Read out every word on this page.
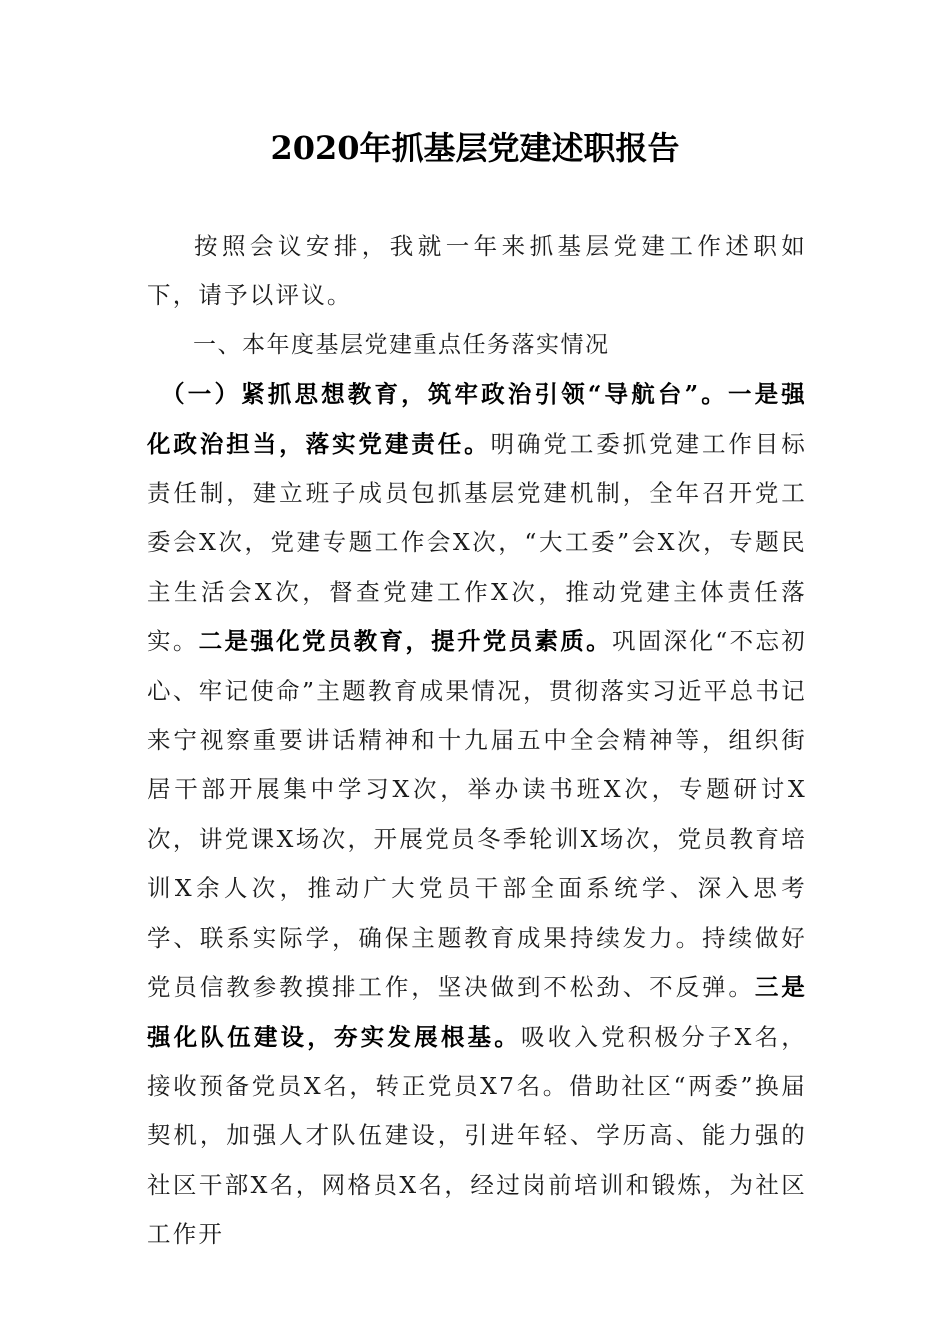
2020年抓基层党建述职报告

按照会议安排，我就一年来抓基层党建工作述职如下，请予以评议。

一、本年度基层党建重点任务落实情况

（一）紧抓思想教育，筑牢政治引领“导航台”。一是强化政治担当，落实党建责任。明确党工委抓党建工作目标责任制，建立班子成员包抓基层党建机制，全年召开党工委会X次，党建专题工作会X次，“大工委”会X次，专题民主生活会X次，督查党建工作X次，推动党建主体责任落实。二是强化党员教育，提升党员素质。巩固深化“不忘初心、牢记使命”主题教育成果情况，贯彻落实习近平总书记来宁视察重要讲话精神和十九届五中全会精神等，组织街居干部开展集中学习X次，举办读书班X次，专题研讨X次，讲党课X场次，开展党员冬季轮训X场次，党员教育培训X余人次，推动广大党员干部全面系统学、深入思考学、联系实际学，确保主题教育成果持续发力。持续做好党员信教参教摸排工作，坚决做到不松劲、不反弹。三是强化队伍建设，夯实发展根基。吸收入党积极分子X名，接收预备党员X名，转正党员X7名。借助社区“两委”换届契机，加强人才队伍建设，引进年轻、学历高、能力强的社区干部X名，网格员X名，经过岗前培训和锻炼，为社区工作开
